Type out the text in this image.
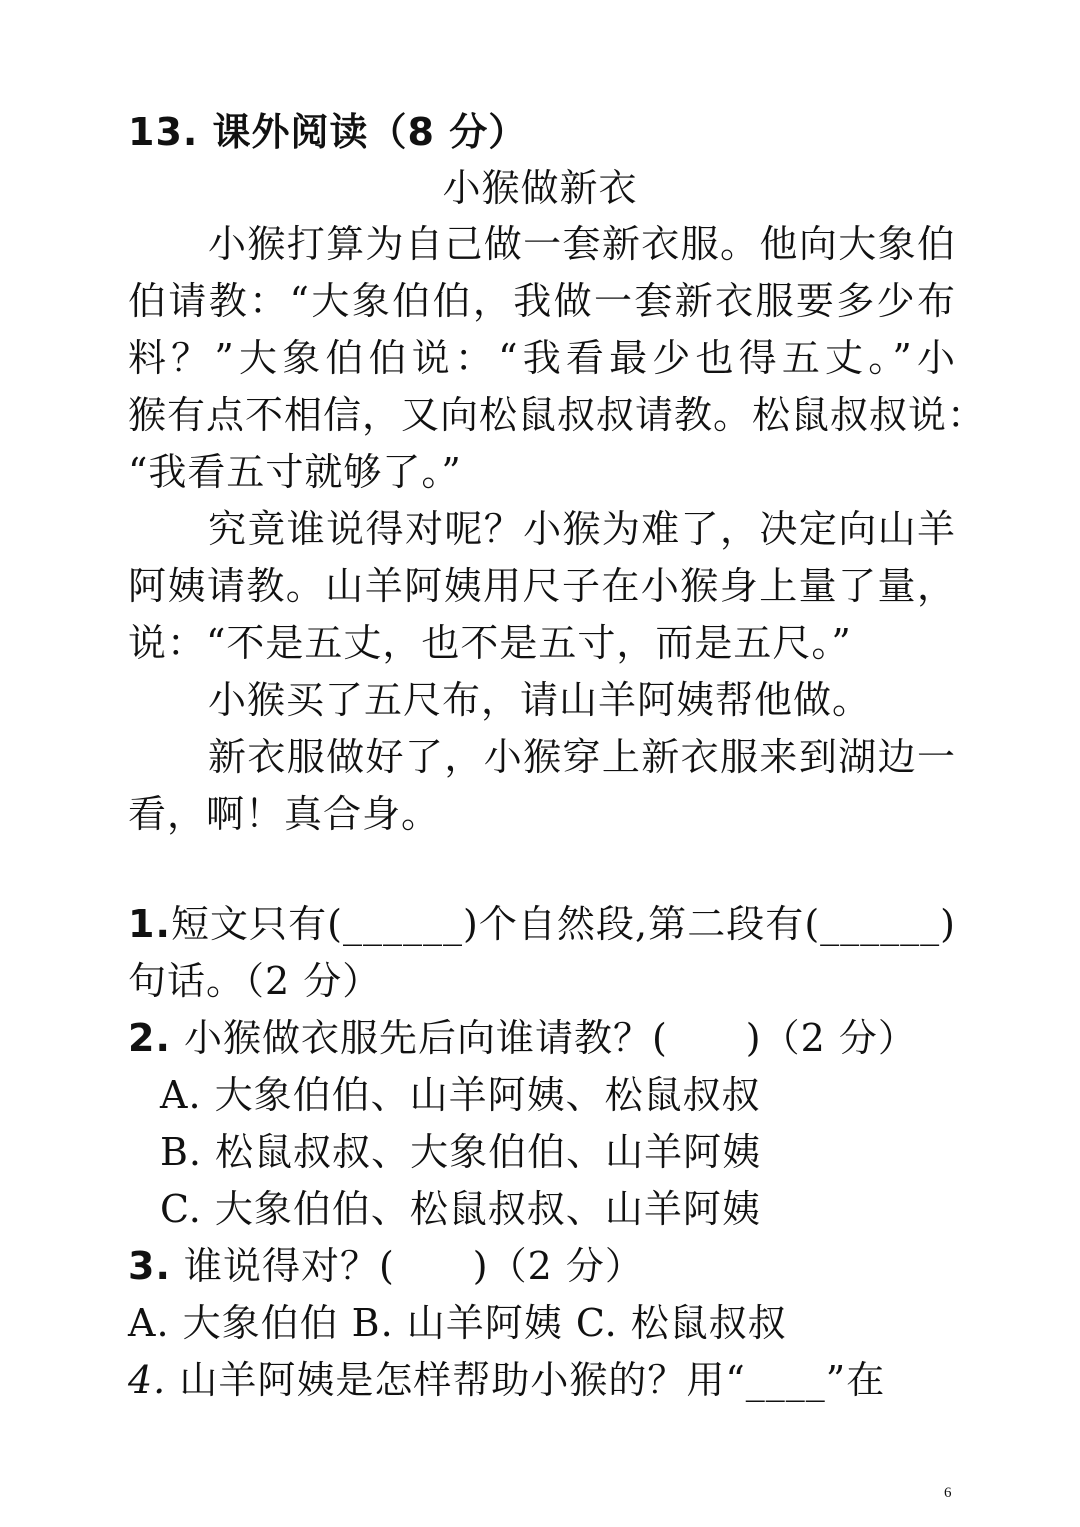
13. 课外阅读（8 分）
小猴做新衣
小猴打算为自己做一套新衣服。他向大象伯
伯请教：“大象伯伯，我做一套新衣服要多少布
料？”大象伯伯说：“我看最少也得五丈。”小
猴有点不相信，又向松鼠叔叔请教。松鼠叔叔说：
“我看五寸就够了。”
究竟谁说得对呢？小猴为难了，决定向山羊
阿姨请教。山羊阿姨用尺子在小猴身上量了量，
说：“不是五丈，也不是五寸，而是五尺。”
小猴买了五尺布，请山羊阿姨帮他做。
新衣服做好了，小猴穿上新衣服来到湖边一
看，啊！真合身。
1.短文只有(______)个自然段,第二段有(______)
句话。（2 分）
2. 小猴做衣服先后向谁请教？(　　)（2 分）
A. 大象伯伯、山羊阿姨、松鼠叔叔
B. 松鼠叔叔、大象伯伯、山羊阿姨
C. 大象伯伯、松鼠叔叔、山羊阿姨
3. 谁说得对？(　　)（2 分）
A. 大象伯伯 B. 山羊阿姨 C. 松鼠叔叔
4. 山羊阿姨是怎样帮助小猴的？用“____”在
6
